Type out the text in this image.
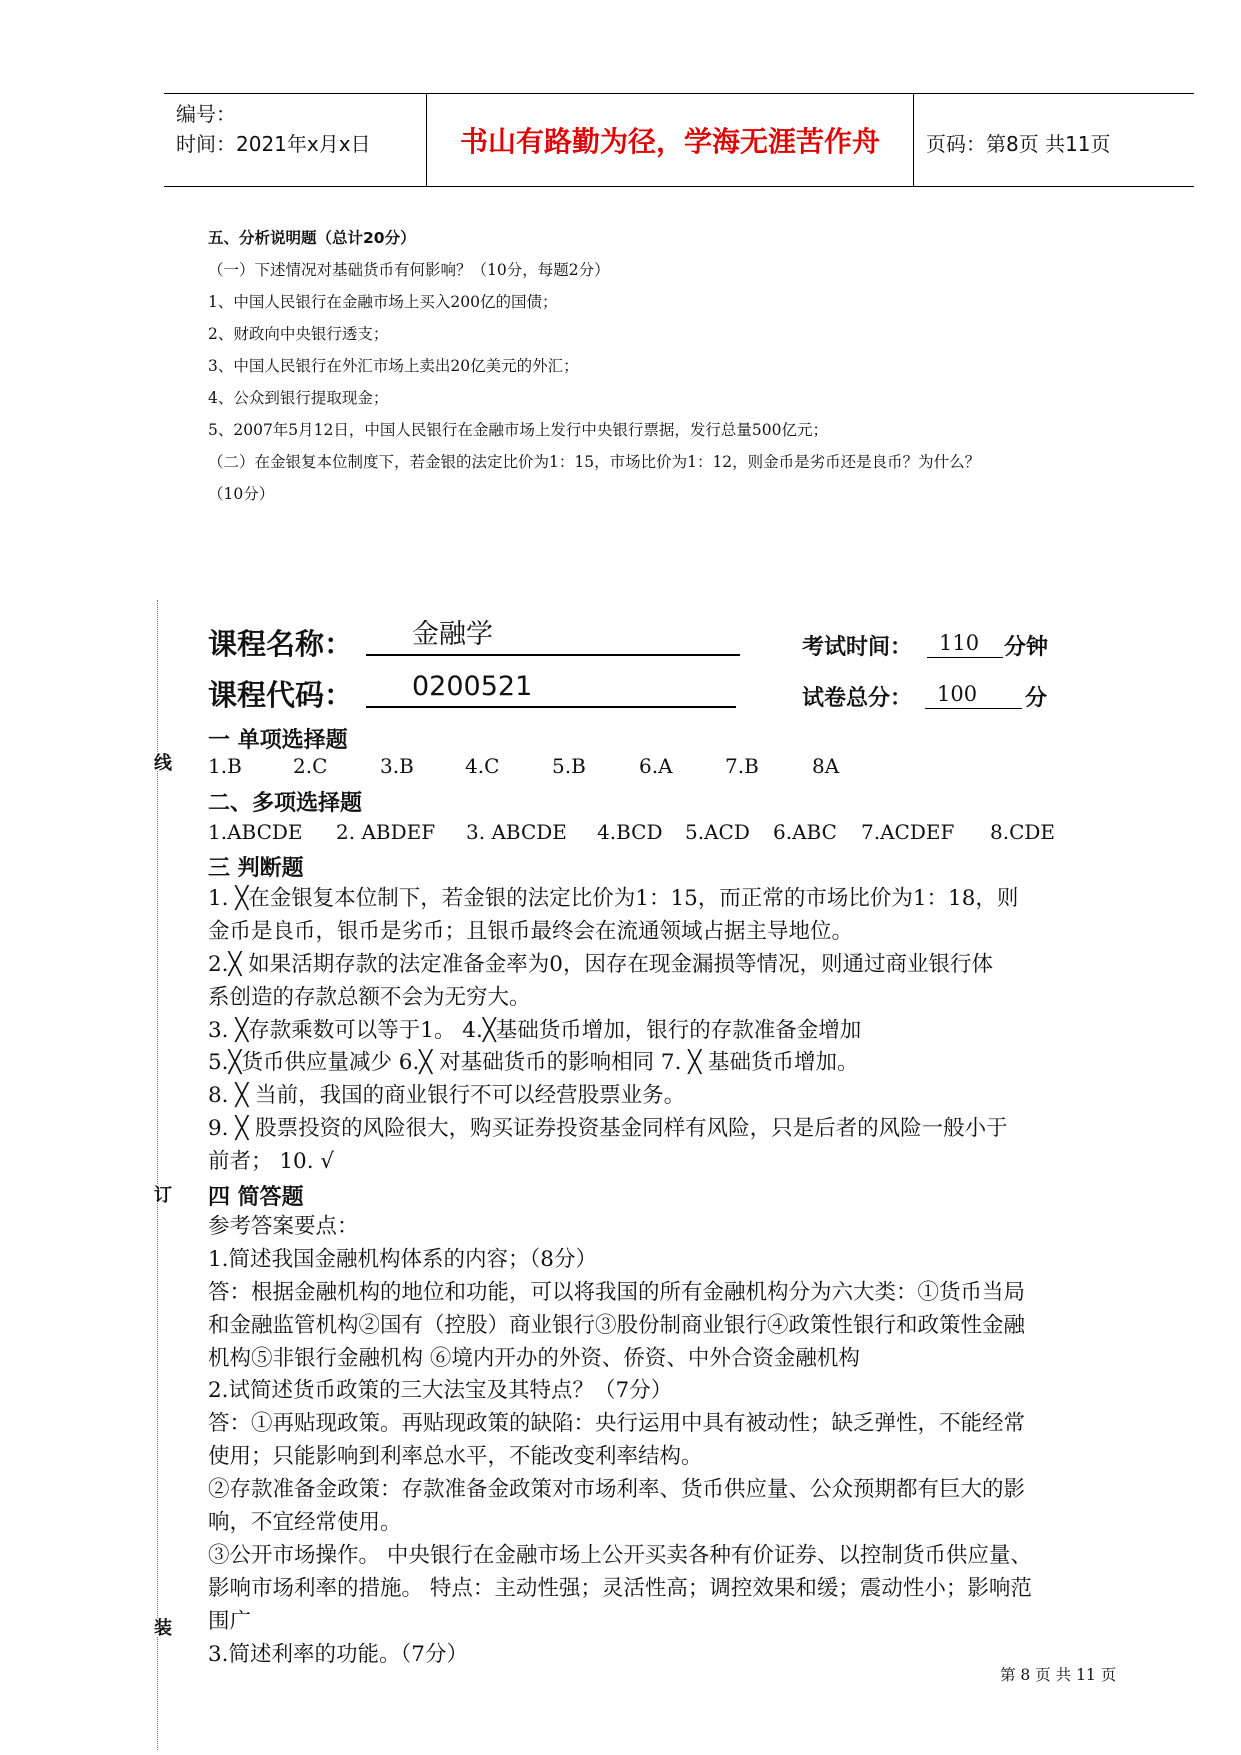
编号：
时间：2021年x月x日	书山有路勤为径，学海无涯苦作舟	页码：第8页 共11页
五、分析说明题（总计20分）
（一）下述情况对基础货币有何影响？（10分，每题2分）
1、中国人民银行在金融市场上买入200亿的国债；
2、财政向中央银行透支；
3、中国人民银行在外汇市场上卖出20亿美元的外汇；
4、公众到银行提取现金；
5、2007年5月12日，中国人民银行在金融市场上发行中央银行票据，发行总量500亿元；
（二）在金银复本位制度下，若金银的法定比价为1：15，市场比价为1：12，则金币是劣币还是良币？为什么？
（10分）
线
订
装
课程名称：	金融学
课程代码：	0200521
考试时间：	110	分钟
试卷总分：	100	分
一 单项选择题
1.B	2.C	3.B	4.C	5.B	6.A	7.B	8A
二、多项选择题
1.ABCDE 2. ABDEF 3. ABCDE 4.BCD 5.ACD 6.ABC 7.ACDEF 8.CDE
三 判断题
1. ╳在金银复本位制下，若金银的法定比价为1：15，而正常的市场比价为1：18，则
金币是良币，银币是劣币；且银币最终会在流通领域占据主导地位。
2.╳ 如果活期存款的法定准备金率为0，因存在现金漏损等情况，则通过商业银行体
系创造的存款总额不会为无穷大。
3. ╳存款乘数可以等于1。 4.╳基础货币增加，银行的存款准备金增加
5.╳货币供应量减少 6.╳ 对基础货币的影响相同 7. ╳ 基础货币增加。
8. ╳ 当前，我国的商业银行不可以经营股票业务。
9. ╳ 股票投资的风险很大，购买证券投资基金同样有风险，只是后者的风险一般小于
前者； 10. √
四 简答题
参考答案要点：
1.简述我国金融机构体系的内容；（8分）
答：根据金融机构的地位和功能，可以将我国的所有金融机构分为六大类：①货币当局
和金融监管机构②国有（控股）商业银行③股份制商业银行④政策性银行和政策性金融
机构⑤非银行金融机构 ⑥境内开办的外资、侨资、中外合资金融机构
2.试简述货币政策的三大法宝及其特点？（7分）
答：①再贴现政策。再贴现政策的缺陷：央行运用中具有被动性；缺乏弹性，不能经常
使用；只能影响到利率总水平，不能改变利率结构。
②存款准备金政策：存款准备金政策对市场利率、货币供应量、公众预期都有巨大的影
响，不宜经常使用。
③公开市场操作。 中央银行在金融市场上公开买卖各种有价证券、以控制货币供应量、
影响市场利率的措施。 特点：主动性强；灵活性高；调控效果和缓；震动性小；影响范
围广
3.简述利率的功能。（7分）
第 8 页 共 11 页
